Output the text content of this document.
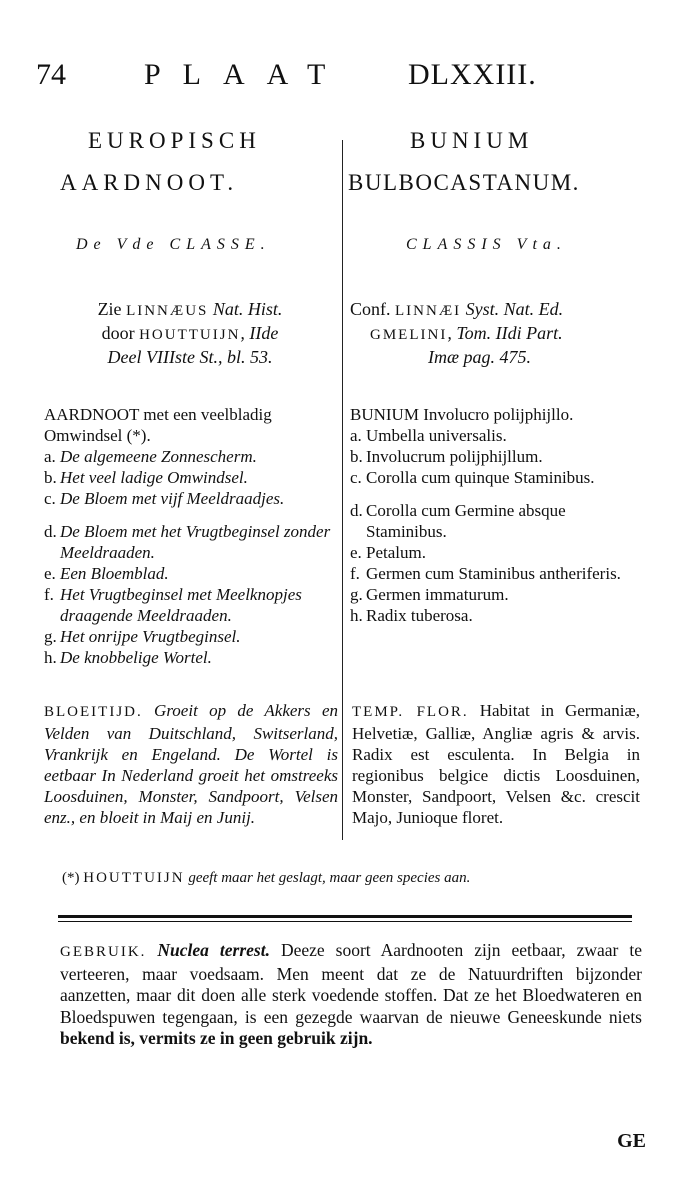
74	PLAAT DLXXIII.
EUROPISCH
AARDNOOT.
De Vde CLASSE.
Zie LINNÆUS Nat. Hist.
door HOUTTUIJN, IIde
Deel VIIIste St., bl. 53.
AARDNOOT met een veelbladig Omwindsel (*).
a. De algemeene Zonnescherm.
b. Het veel ladige Omwindsel.
c. De Bloem met vijf Meeldraadjes.
d. De Bloem met het Vrugtbeginsel zonder Meeldraaden.
e. Een Bloemblad.
f. Het Vrugtbeginsel met Meelknopjes draagende Meeldraaden.
g. Het onrijpe Vrugtbeginsel.
h. De knobbelige Wortel.
BLOEITIJD. Groeit op de Akkers en Velden van Duitschland, Switserland, Vrankrijk en Engeland. De Wortel is eetbaar In Nederland groeit het omstreeks Loosduinen, Monster, Sandpoort, Velsen enz., en bloeit in Maij en Junij.
BUNIUM
BULBOCASTANUM.
CLASSIS Vta.
Conf. LINNÆI Syst. Nat. Ed.
GMELINI, Tom. IIdi Part.
Imæ pag. 475.
BUNIUM Involucro polijphijllo.
a. Umbella universalis.
b. Involucrum polijphijllum.
c. Corolla cum quinque Staminibus.
d. Corolla cum Germine absque Staminibus.
e. Petalum.
f. Germen cum Staminibus antheriferis.
g. Germen immaturum.
h. Radix tuberosa.
TEMP. FLOR. Habitat in Germaniæ, Helvetiæ, Galliæ, Angliæ agris & arvis. Radix est esculenta. In Belgia in regionibus belgice dictis Loosduinen, Monster, Sandpoort, Velsen &c. crescit Majo, Junioque floret.
(*) HOUTTUIJN geeft maar het geslagt, maar geen species aan.
GEBRUIK. Nuclea terrest. Deeze soort Aardnooten zijn eetbaar, zwaar te verteeren, maar voedsaam. Men meent dat ze de Natuurdriften bijzonder aanzetten, maar dit doen alle sterk voedende stoffen. Dat ze het Bloedwateren en Bloedspuwen tegengaan, is een gezegde waarvan de nieuwe Geneeskunde niets bekend is, vermits ze in geen gebruik zijn.
GE
